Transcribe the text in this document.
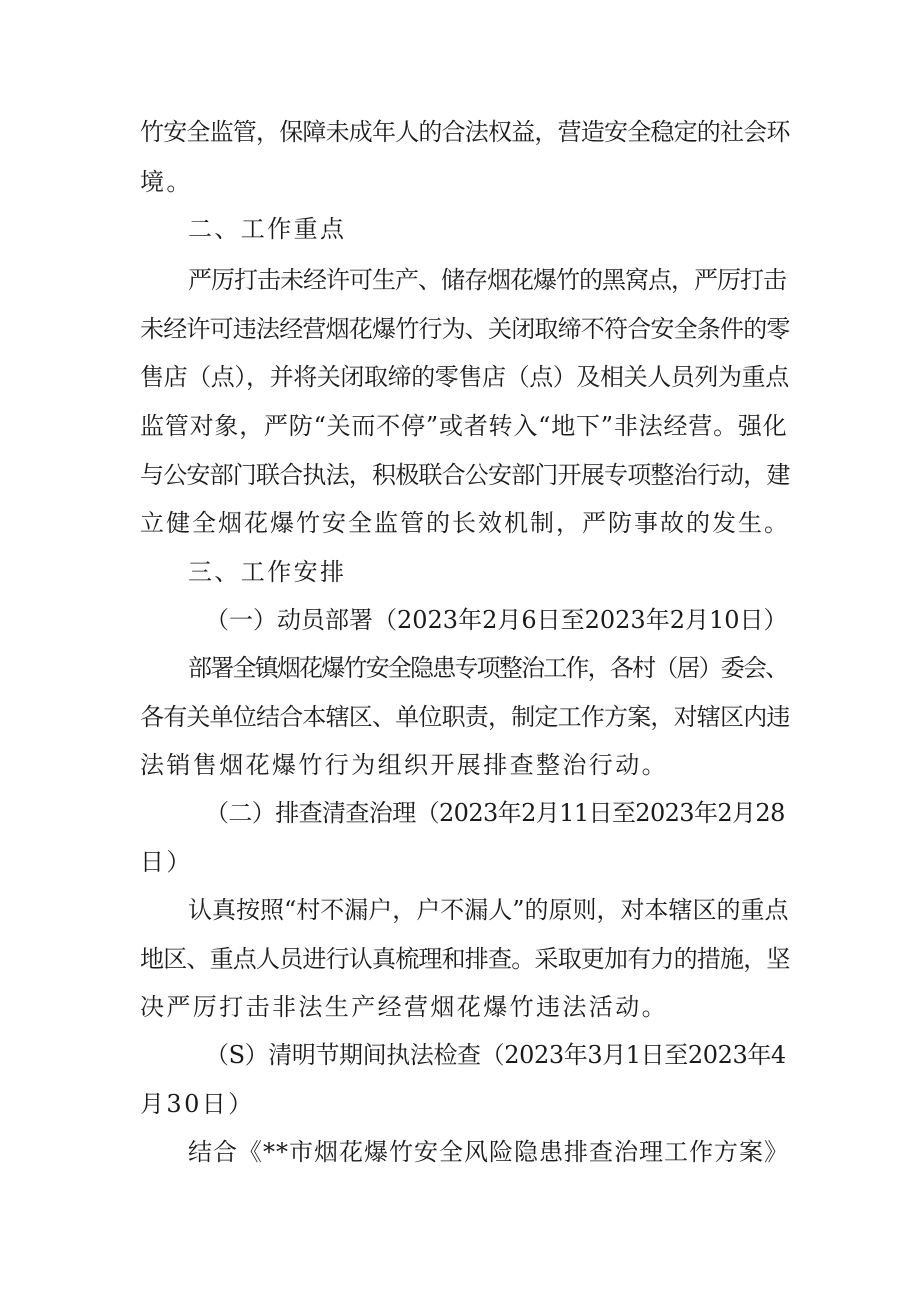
竹安全监管，保障未成年人的合法权益，营造安全稳定的社会环
境。
二、工作重点
严厉打击未经许可生产、储存烟花爆竹的黑窝点，严厉打击
未经许可违法经营烟花爆竹行为、关闭取缔不符合安全条件的零
售店（点），并将关闭取缔的零售店（点）及相关人员列为重点
监管对象，严防“关而不停”或者转入“地下”非法经营。强化
与公安部门联合执法，积极联合公安部门开展专项整治行动，建
立健全烟花爆竹安全监管的长效机制，严防事故的发生。
三、工作安排
（一）动员部署（2023年2月6日至2023年2月10日）
部署全镇烟花爆竹安全隐患专项整治工作，各村（居）委会、
各有关单位结合本辖区、单位职责，制定工作方案，对辖区内违
法销售烟花爆竹行为组织开展排查整治行动。
（二）排查清查治理（2023年2月11日至2023年2月28
日）
认真按照“村不漏户，户不漏人”的原则，对本辖区的重点
地区、重点人员进行认真梳理和排查。采取更加有力的措施，坚
决严厉打击非法生产经营烟花爆竹违法活动。
（S）清明节期间执法检查（2023年3月1日至2023年4
月30日）
结合《**市烟花爆竹安全风险隐患排查治理工作方案》
